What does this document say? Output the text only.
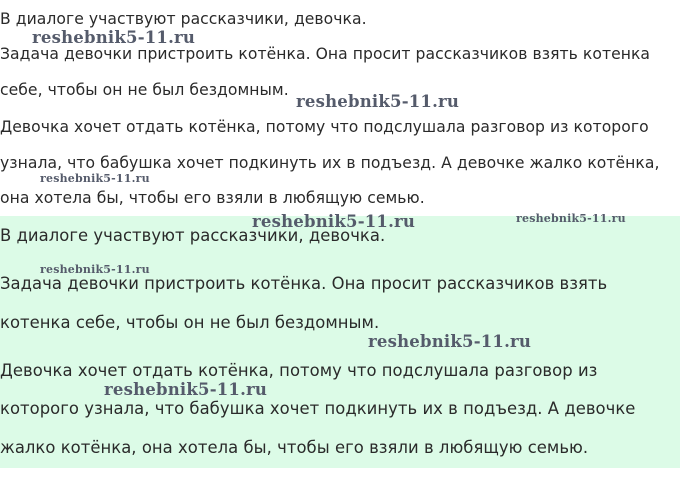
В диалоге участвуют рассказчики, девочка.

Задача девочки пристроить котёнка. Она просит рассказчиков взять котенка

себе, чтобы он не был бездомным.

Девочка хочет отдать котёнка, потому что подслушала разговор из которого

узнала, что бабушка хочет подкинуть их в подъезд. А девочке жалко котёнка,

она хотела бы, чтобы его взяли в любящую семью.

В диалоге участвуют рассказчики, девочка.

Задача девочки пристроить котёнка. Она просит рассказчиков взять

котенка себе, чтобы он не был бездомным.

Девочка хочет отдать котёнка, потому что подслушала разговор из

которого узнала, что бабушка хочет подкинуть их в подъезд. А девочке

жалко котёнка, она хотела бы, чтобы его взяли в любящую семью.

reshebnik5-11.ru
reshebnik5-11.ru
reshebnik5-11.ru
reshebnik5-11.ru	reshebnik5-11.ru
reshebnik5-11.ru
reshebnik5-11.ru
reshebnik5-11.ru
